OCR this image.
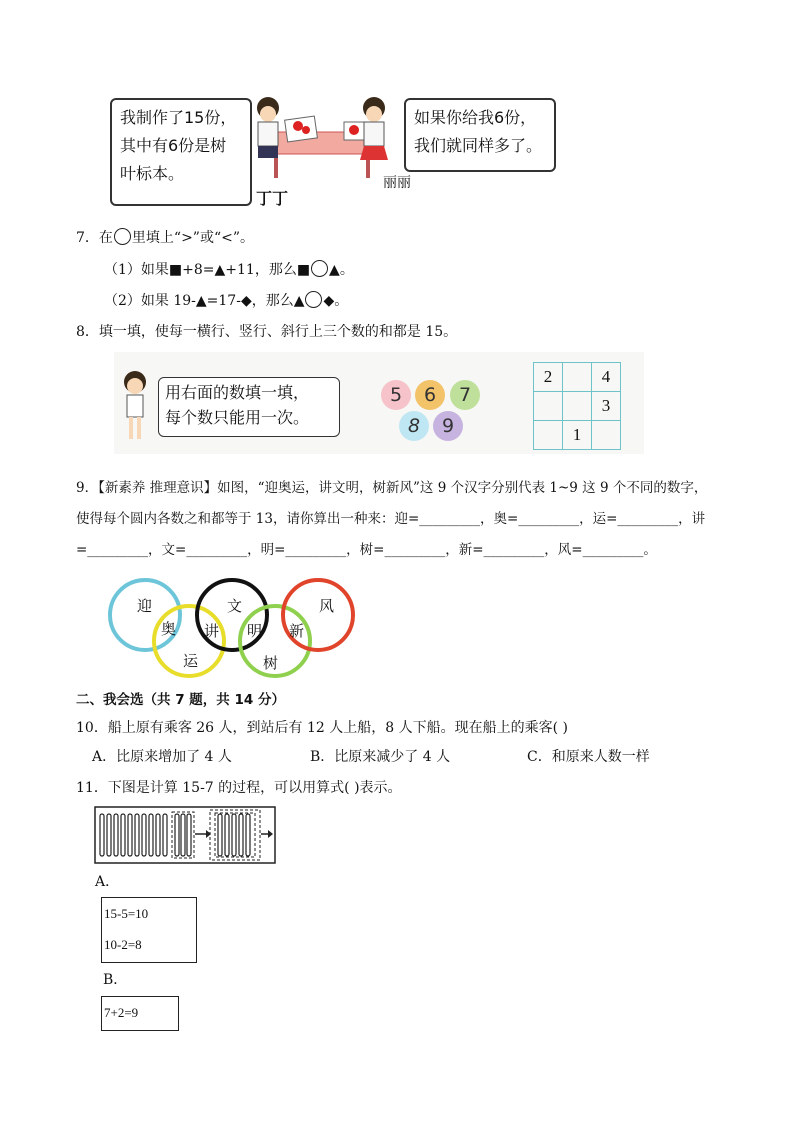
我制作了15份，
其中有6份是树
叶标本。
如果你给我6份，
我们就同样多了。
丁丁
丽丽
7．在 里填上“>”或“<”。
（1）如果■+8=▲+11，那么■ ▲。
（2）如果 19-▲=17-◆，那么▲ ◆。
8．填一填，使每一横行、竖行、斜行上三个数的和都是 15。
用右面的数填一填，
每个数只能用一次。
5	6	7
8	9
2		4
		3
	1	
9．【新素养 推理意识】如图，“迎奥运，讲文明，树新风”这 9 个汉字分别代表 1~9 这 9 个不同的数字，
使得每个圆内各数之和都等于 13，请你算出一种来：迎=_________，奥=_________，运=_________，讲
=_________，文=_________，明=_________，树=_________，新=_________，风=_________。
迎
奥
运
讲
文
明
树
新
风
二、我会选（共 7 题，共 14 分）
10．船上原有乘客 26 人，到站后有 12 人上船，8 人下船。现在船上的乘客( )
A．比原来增加了 4 人	B．比原来减少了 4 人	C．和原来人数一样
11．下图是计算 15-7 的过程，可以用算式( )表示。
A．
15-5=10
10-2=8
B．
7+2=9
